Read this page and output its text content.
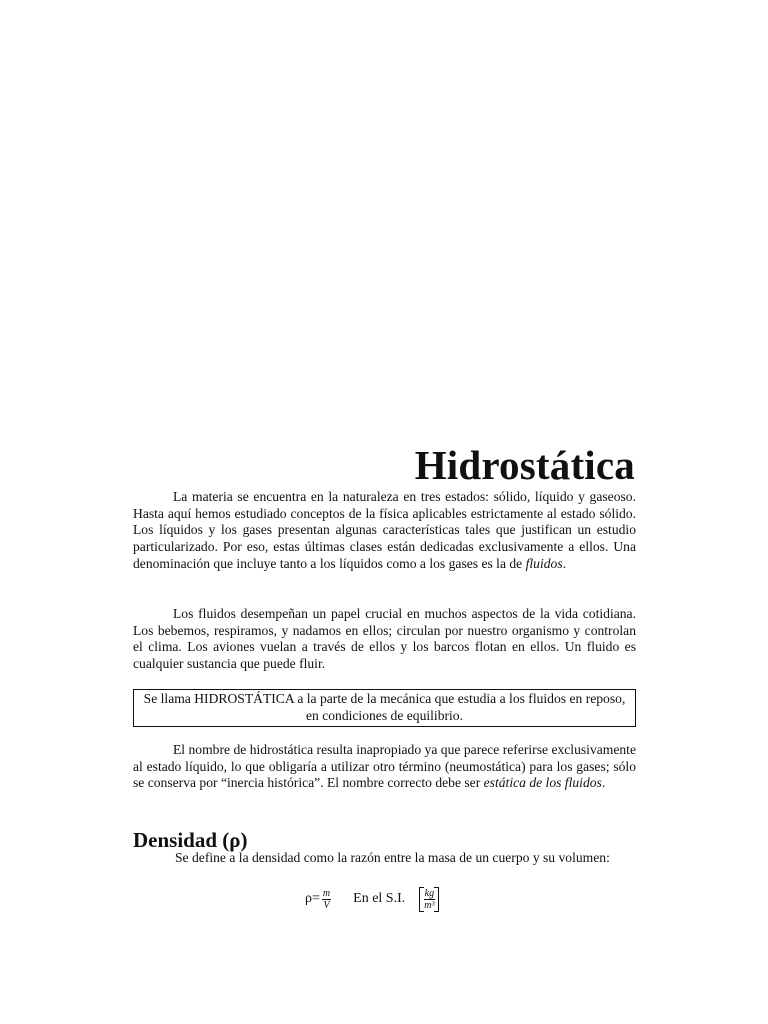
Hidrostática

La materia se encuentra en la naturaleza en tres estados: sólido, líquido y gaseoso. Hasta aquí hemos estudiado conceptos de la física aplicables estrictamente al estado sólido. Los líquidos y los gases presentan algunas características tales que justifican un estudio particularizado. Por eso, estas últimas clases están dedicadas exclusivamente a ellos. Una denominación que incluye tanto a los líquidos como a los gases es la de fluidos.

Los fluidos desempeñan un papel crucial en muchos aspectos de la vida cotidiana. Los bebemos, respiramos, y nadamos en ellos; circulan por nuestro organismo y controlan el clima. Los aviones vuelan a través de ellos y los barcos flotan en ellos. Un fluido es cualquier sustancia que puede fluir.

Se llama HIDROSTÁTICA a la parte de la mecánica que estudia a los fluidos en reposo, en condiciones de equilibrio.

El nombre de hidrostática resulta inapropiado ya que parece referirse exclusivamente al estado líquido, lo que obligaría a utilizar otro término (neumostática) para los gases; sólo se conserva por “inercia histórica”. El nombre correcto debe ser estática de los fluidos.

Densidad (ρ)

Se define a la densidad como la razón entre la masa de un cuerpo y su volumen:

$\rho = \frac{m}{V}$ En el S.I. $\frac{kg}{\text{m³}}$
